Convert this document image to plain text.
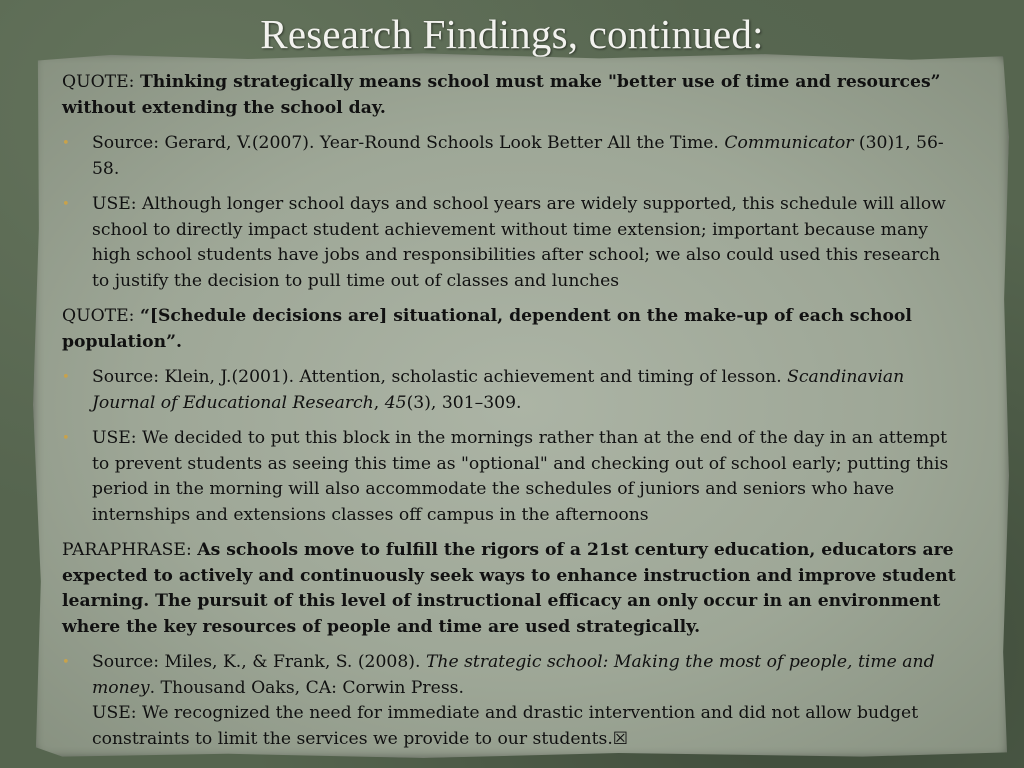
Research Findings, continued:

QUOTE: Thinking strategically means school must make "better use of time and resources” without extending the school day.

• Source: Gerard, V.(2007). Year-Round Schools Look Better All the Time. Communicator (30)1, 56-58.
• USE: Although longer school days and school years are widely supported, this schedule will allow school to directly impact student achievement without time extension; important because many high school students have jobs and responsibilities after school; we also could used this research to justify the decision to pull time out of classes and lunches

QUOTE: “[Schedule decisions are] situational, dependent on the make-up of each school population”.

• Source: Klein, J.(2001). Attention, scholastic achievement and timing of lesson. Scandinavian Journal of Educational Research, 45(3), 301–309.
• USE: We decided to put this block in the mornings rather than at the end of the day in an attempt to prevent students as seeing this time as "optional" and checking out of school early; putting this period in the morning will also accommodate the schedules of juniors and seniors who have internships and extensions classes off campus in the afternoons

PARAPHRASE: As schools move to fulfill the rigors of a 21st century education, educators are expected to actively and continuously seek ways to enhance instruction and improve student learning. The pursuit of this level of instructional efficacy an only occur in an environment where the key resources of people and time are used strategically.

• Source: Miles, K., & Frank, S. (2008). The strategic school: Making the most of people, time and money. Thousand Oaks, CA: Corwin Press.
USE: We recognized the need for immediate and drastic intervention and did not allow budget constraints to limit the services we provide to our students.☒
